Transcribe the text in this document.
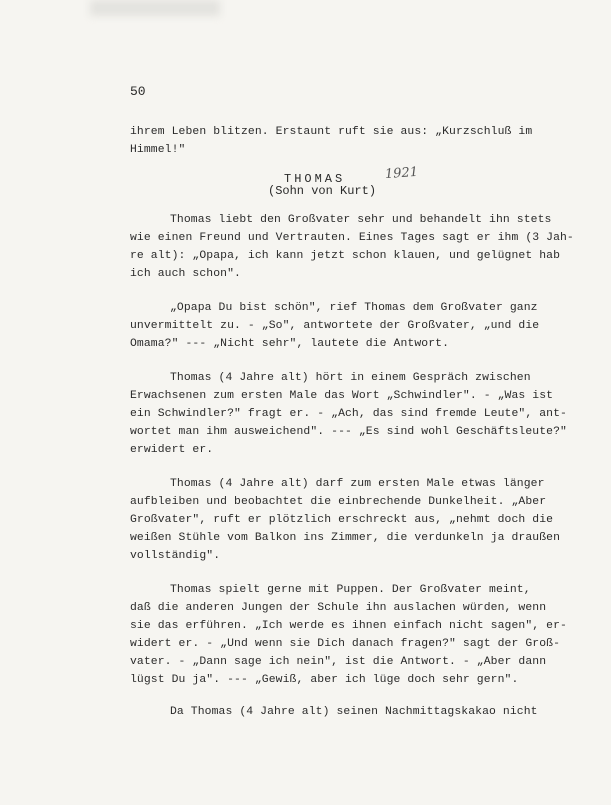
50
ihrem Leben blitzen. Erstaunt ruft sie aus: „Kurzschluß im
Himmel!"
THOMAS
(Sohn von Kurt)
1921
Thomas liebt den Großvater sehr und behandelt ihn stets
wie einen Freund und Vertrauten. Eines Tages sagt er ihm (3 Jah-
re alt): „Opapa, ich kann jetzt schon klauen, und gelügnet hab
ich auch schon".
„Opapa Du bist schön", rief Thomas dem Großvater ganz
unvermittelt zu. - „So", antwortete der Großvater, „und die
Omama?" --- „Nicht sehr", lautete die Antwort.
Thomas (4 Jahre alt) hört in einem Gespräch zwischen
Erwachsenen zum ersten Male das Wort „Schwindler". - „Was ist
ein Schwindler?" fragt er. - „Ach, das sind fremde Leute", ant-
wortet man ihm ausweichend". --- „Es sind wohl Geschäftsleute?"
erwidert er.
Thomas (4 Jahre alt) darf zum ersten Male etwas länger
aufbleiben und beobachtet die einbrechende Dunkelheit. „Aber
Großvater", ruft er plötzlich erschreckt aus, „nehmt doch die
weißen Stühle vom Balkon ins Zimmer, die verdunkeln ja draußen
vollständig".
Thomas spielt gerne mit Puppen. Der Großvater meint,
daß die anderen Jungen der Schule ihn auslachen würden, wenn
sie das erführen. „Ich werde es ihnen einfach nicht sagen", er-
widert er. - „Und wenn sie Dich danach fragen?" sagt der Groß-
vater. - „Dann sage ich nein", ist die Antwort. - „Aber dann
lügst Du ja". --- „Gewiß, aber ich lüge doch sehr gern".
Da Thomas (4 Jahre alt) seinen Nachmittagskakao nicht
